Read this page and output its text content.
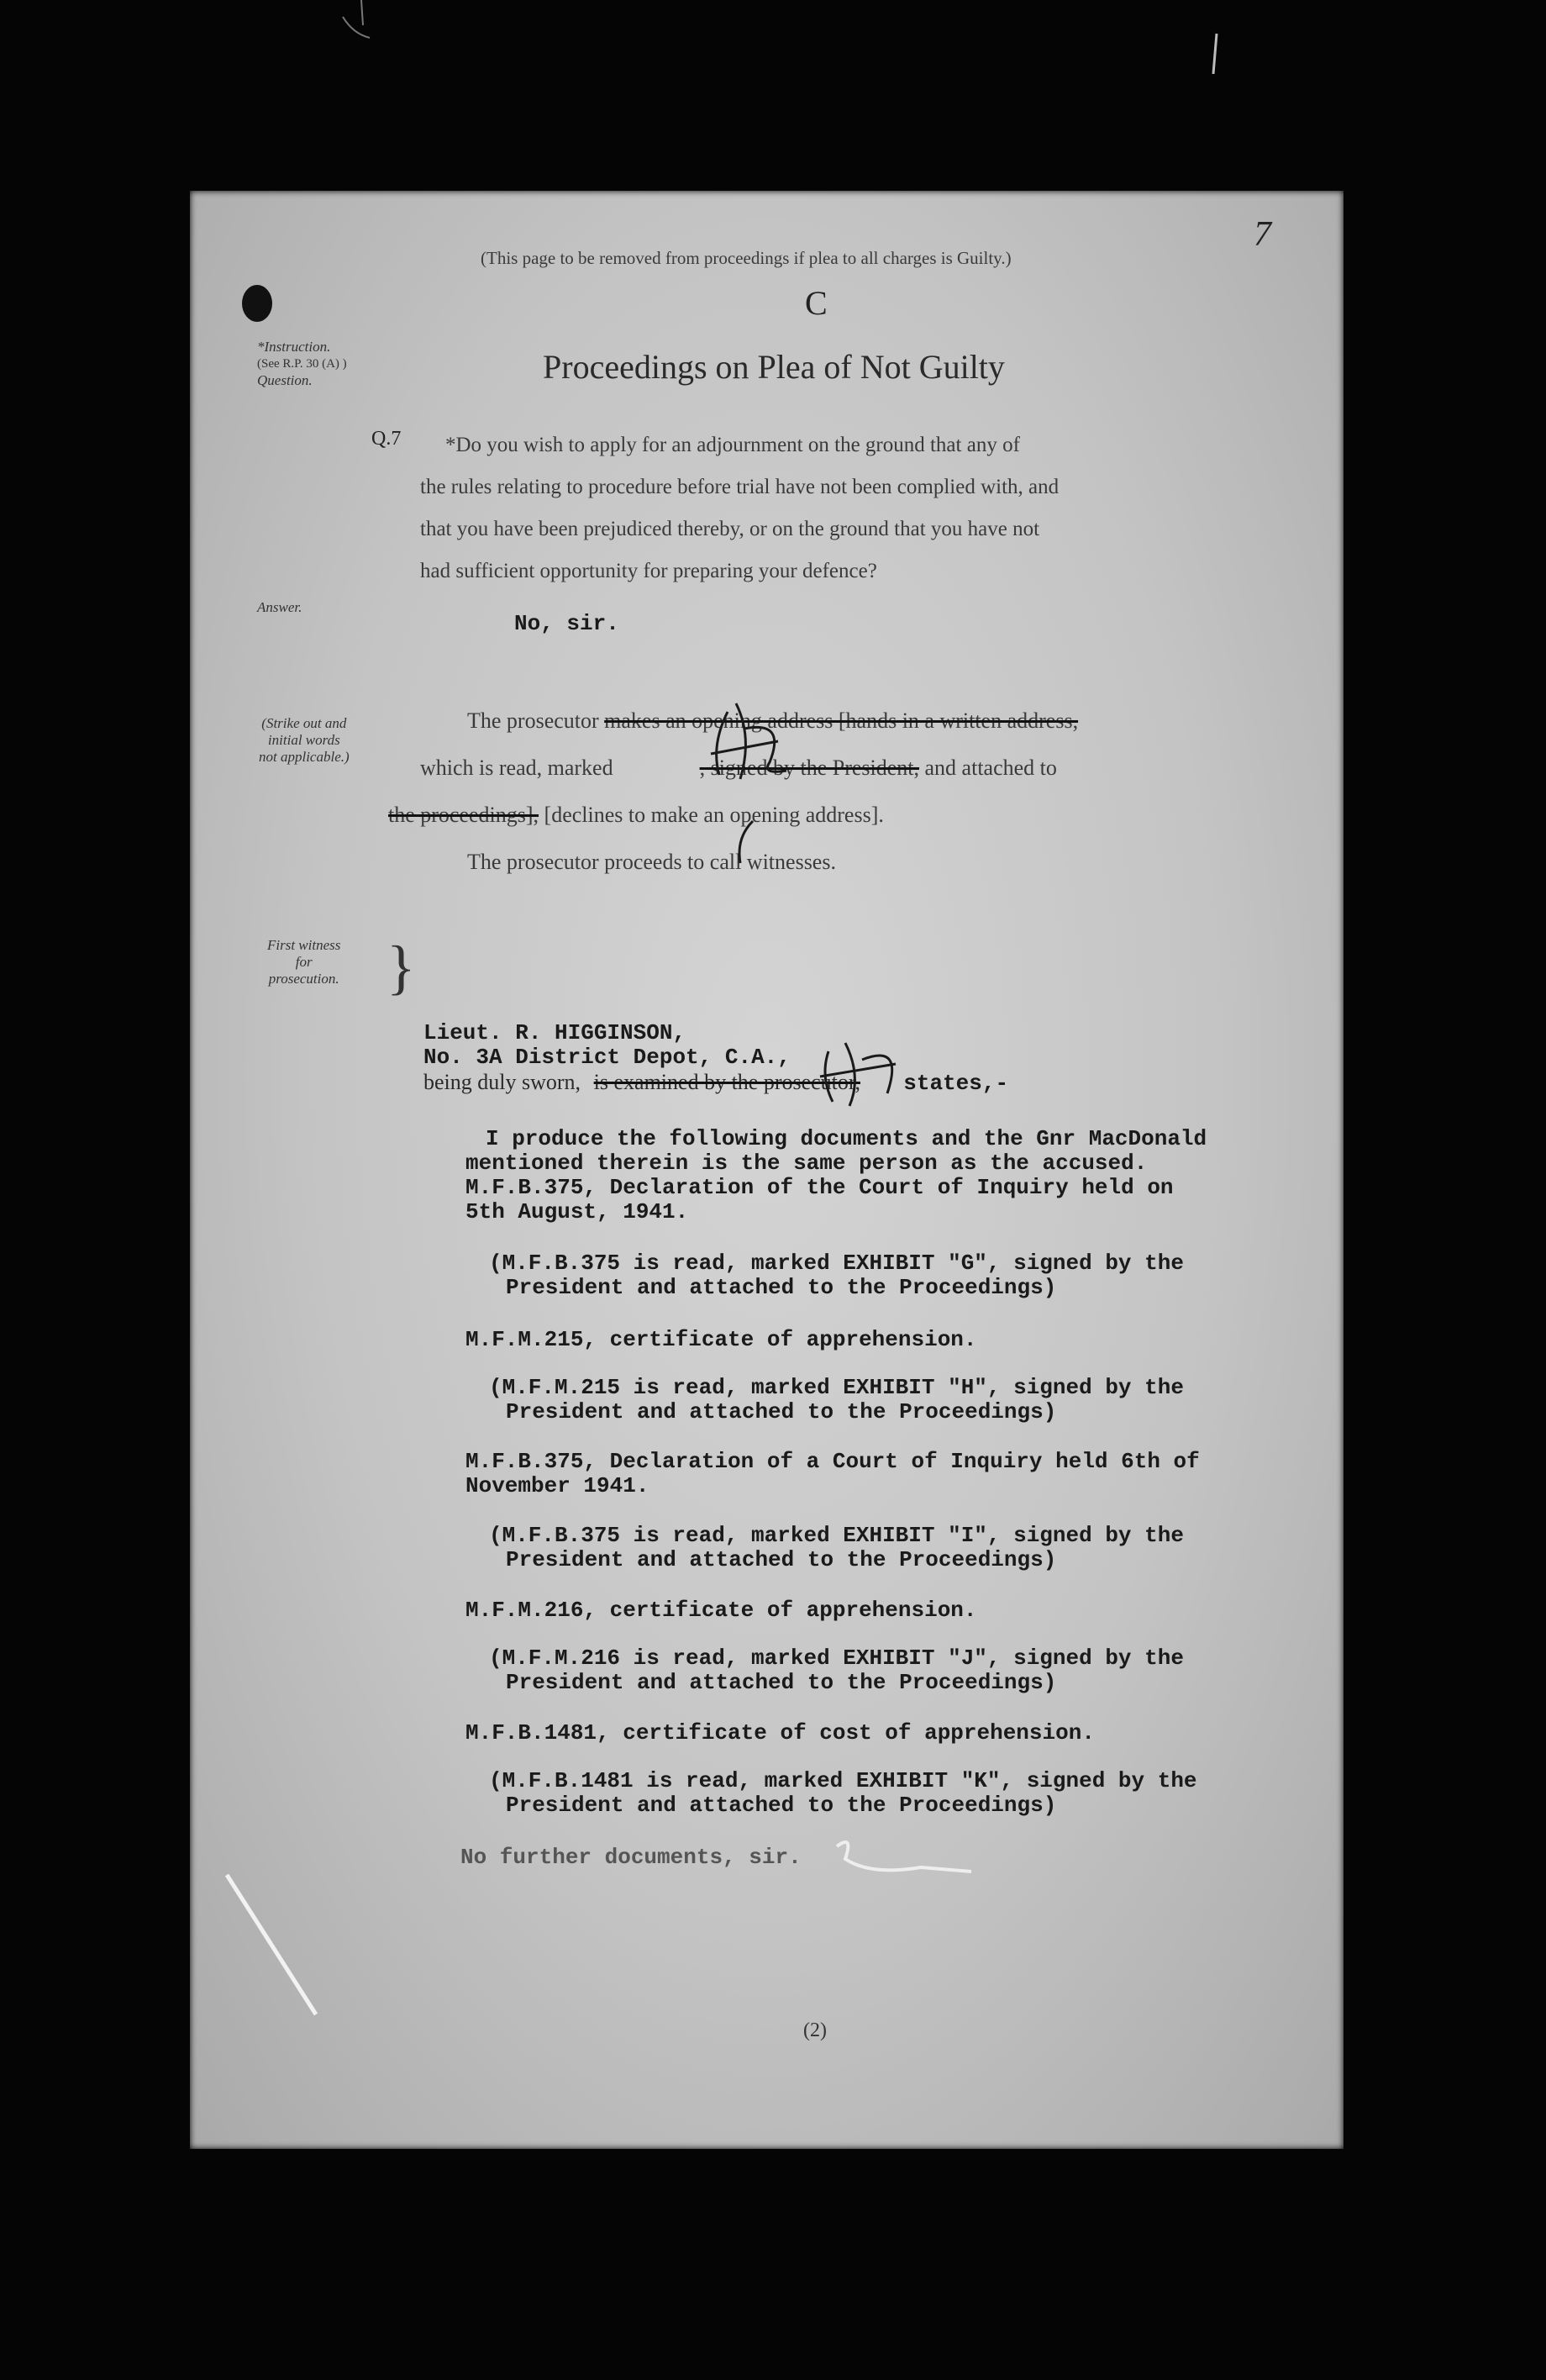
7
(This page to be removed from proceedings if plea to all charges is Guilty.)
C
Proceedings on Plea of Not Guilty
*Instruction.
(See R.P. 30 (A) )
Question.
Q.7	*Do you wish to apply for an adjournment on the ground that any of
the rules relating to procedure before trial have not been complied with, and
that you have been prejudiced thereby, or on the ground that you have not
had sufficient opportunity for preparing your defence?
Answer.
No, sir.
(Strike out and
initial words
not applicable.)
The prosecutor makes an opening address [hands in a written address,
which is read, marked	, signed by the President, and attached to
the proceedings], [declines to make an opening address].
The prosecutor proceeds to call witnesses.
First witness
for
prosecution. }
Lieut. R. HIGGINSON,
No. 3A District Depot, C.A.,
being duly sworn, is examined by the prosecutor, states,-
I produce the following documents and the Gnr MacDonald
mentioned therein is the same person as the accused.
M.F.B.375, Declaration of the Court of Inquiry held on
5th August, 1941.
(M.F.B.375 is read, marked EXHIBIT "G", signed by the
President and attached to the Proceedings)
M.F.M.215, certificate of apprehension.
(M.F.M.215 is read, marked EXHIBIT "H", signed by the
President and attached to the Proceedings)
M.F.B.375, Declaration of a Court of Inquiry held 6th of
November 1941.
(M.F.B.375 is read, marked EXHIBIT "I", signed by the
President and attached to the Proceedings)
M.F.M.216, certificate of apprehension.
(M.F.M.216 is read, marked EXHIBIT "J", signed by the
President and attached to the Proceedings)
M.F.B.1481, certificate of cost of apprehension.
(M.F.B.1481 is read, marked EXHIBIT "K", signed by the
President and attached to the Proceedings)
No further documents, sir.
(2)
